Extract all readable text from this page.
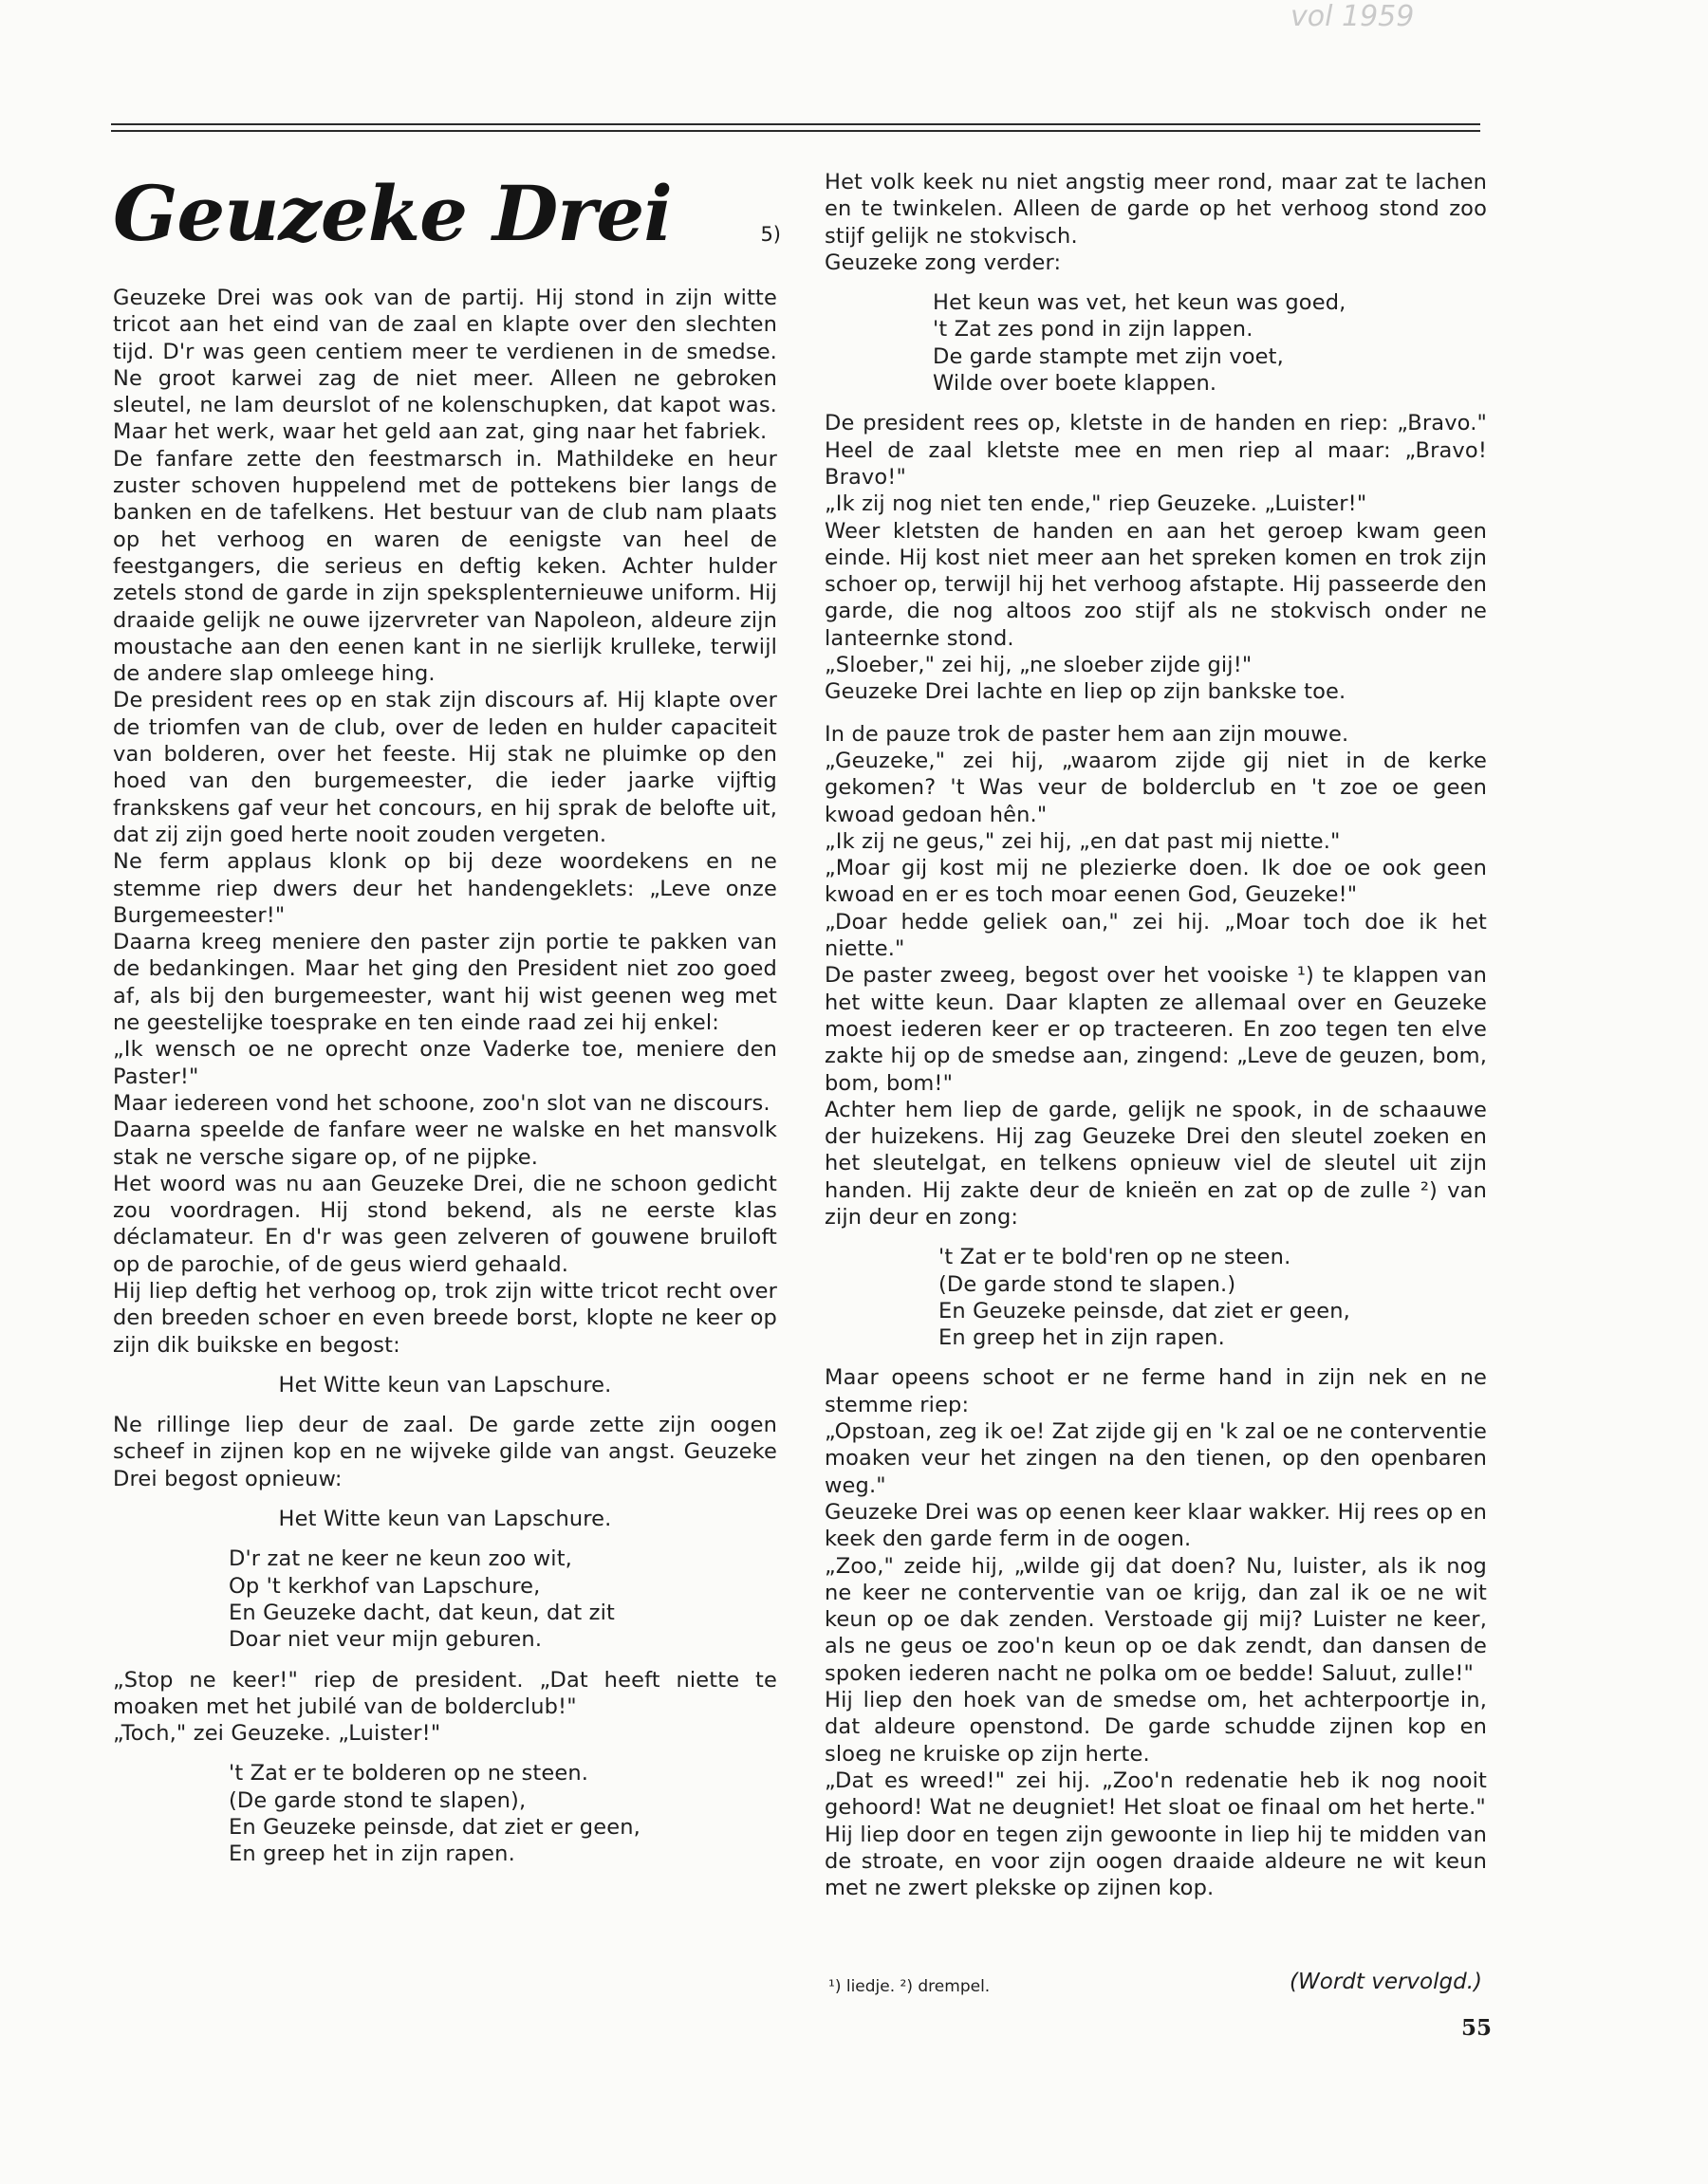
vol 1959
Geuzeke Drei	5)

Geuzeke Drei was ook van de partij. Hij stond in zijn witte tricot aan het eind van de zaal en klapte over den slechten tijd. D'r was geen centiem meer te verdienen in de smedse. Ne groot karwei zag de niet meer. Alleen ne gebroken sleutel, ne lam deurslot of ne kolenschupken, dat kapot was. Maar het werk, waar het geld aan zat, ging naar het fabriek.

De fanfare zette den feestmarsch in. Mathildeke en heur zuster schoven huppelend met de pottekens bier langs de banken en de tafelkens. Het bestuur van de club nam plaats op het verhoog en waren de eenigste van heel de feestgangers, die serieus en deftig keken. Achter hulder zetels stond de garde in zijn speksplenternieuwe uniform. Hij draaide gelijk ne ouwe ijzervreter van Napoleon, aldeure zijn moustache aan den eenen kant in ne sierlijk krulleke, terwijl de andere slap omleege hing.

De president rees op en stak zijn discours af. Hij klapte over de triomfen van de club, over de leden en hulder capaciteit van bolderen, over het feeste. Hij stak ne pluimke op den hoed van den burgemeester, die ieder jaarke vijftig frankskens gaf veur het concours, en hij sprak de belofte uit, dat zij zijn goed herte nooit zouden vergeten.

Ne ferm applaus klonk op bij deze woordekens en ne stemme riep dwers deur het handengeklets: „Leve onze Burgemeester!"

Daarna kreeg meniere den paster zijn portie te pakken van de bedankingen. Maar het ging den President niet zoo goed af, als bij den burgemeester, want hij wist geenen weg met ne geestelijke toesprake en ten einde raad zei hij enkel:

„Ik wensch oe ne oprecht onze Vaderke toe, meniere den Paster!"

Maar iedereen vond het schoone, zoo'n slot van ne discours.

Daarna speelde de fanfare weer ne walske en het mansvolk stak ne versche sigare op, of ne pijpke.

Het woord was nu aan Geuzeke Drei, die ne schoon gedicht zou voordragen. Hij stond bekend, als ne eerste klas déclamateur. En d'r was geen zelveren of gouwene bruiloft op de parochie, of de geus wierd gehaald.

Hij liep deftig het verhoog op, trok zijn witte tricot recht over den breeden schoer en even breede borst, klopte ne keer op zijn dik buikske en begost:

Het Witte keun van Lapschure.

Ne rillinge liep deur de zaal. De garde zette zijn oogen scheef in zijnen kop en ne wijveke gilde van angst. Geuzeke Drei begost opnieuw:

Het Witte keun van Lapschure.

D'r zat ne keer ne keun zoo wit,
Op 't kerkhof van Lapschure,
En Geuzeke dacht, dat keun, dat zit
Doar niet veur mijn geburen.

„Stop ne keer!" riep de president. „Dat heeft niette te moaken met het jubilé van de bolderclub!"

„Toch," zei Geuzeke. „Luister!"

't Zat er te bolderen op ne steen.
(De garde stond te slapen),
En Geuzeke peinsde, dat ziet er geen,
En greep het in zijn rapen.

Het volk keek nu niet angstig meer rond, maar zat te lachen en te twinkelen. Alleen de garde op het verhoog stond zoo stijf gelijk ne stokvisch.

Geuzeke zong verder:

Het keun was vet, het keun was goed,
't Zat zes pond in zijn lappen.
De garde stampte met zijn voet,
Wilde over boete klappen.

De president rees op, kletste in de handen en riep: „Bravo." Heel de zaal kletste mee en men riep al maar: „Bravo! Bravo!"

„Ik zij nog niet ten ende," riep Geuzeke. „Luister!"

Weer kletsten de handen en aan het geroep kwam geen einde. Hij kost niet meer aan het spreken komen en trok zijn schoer op, terwijl hij het verhoog afstapte. Hij passeerde den garde, die nog altoos zoo stijf als ne stokvisch onder ne lanteernke stond.

„Sloeber," zei hij, „ne sloeber zijde gij!"

Geuzeke Drei lachte en liep op zijn bankske toe.

In de pauze trok de paster hem aan zijn mouwe.

„Geuzeke," zei hij, „waarom zijde gij niet in de kerke gekomen? 't Was veur de bolderclub en 't zoe oe geen kwoad gedoan hên."

„Ik zij ne geus," zei hij, „en dat past mij niette."

„Moar gij kost mij ne plezierke doen. Ik doe oe ook geen kwoad en er es toch moar eenen God, Geuzeke!"

„Doar hedde geliek oan," zei hij. „Moar toch doe ik het niette."

De paster zweeg, begost over het vooiske ¹) te klappen van het witte keun. Daar klapten ze allemaal over en Geuzeke moest iederen keer er op tracteeren. En zoo tegen ten elve zakte hij op de smedse aan, zingend: „Leve de geuzen, bom, bom, bom!"

Achter hem liep de garde, gelijk ne spook, in de schaauwe der huizekens. Hij zag Geuzeke Drei den sleutel zoeken en het sleutelgat, en telkens opnieuw viel de sleutel uit zijn handen. Hij zakte deur de knieën en zat op de zulle ²) van zijn deur en zong:

't Zat er te bold'ren op ne steen.
(De garde stond te slapen.)
En Geuzeke peinsde, dat ziet er geen,
En greep het in zijn rapen.

Maar opeens schoot er ne ferme hand in zijn nek en ne stemme riep:

„Opstoan, zeg ik oe! Zat zijde gij en 'k zal oe ne conterventie moaken veur het zingen na den tienen, op den openbaren weg."

Geuzeke Drei was op eenen keer klaar wakker. Hij rees op en keek den garde ferm in de oogen.

„Zoo," zeide hij, „wilde gij dat doen? Nu, luister, als ik nog ne keer ne conterventie van oe krijg, dan zal ik oe ne wit keun op oe dak zenden. Verstoade gij mij? Luister ne keer, als ne geus oe zoo'n keun op oe dak zendt, dan dansen de spoken iederen nacht ne polka om oe bedde! Saluut, zulle!"

Hij liep den hoek van de smedse om, het achterpoortje in, dat aldeure openstond. De garde schudde zijnen kop en sloeg ne kruiske op zijn herte.

„Dat es wreed!" zei hij. „Zoo'n redenatie heb ik nog nooit gehoord! Wat ne deugniet! Het sloat oe finaal om het herte."

Hij liep door en tegen zijn gewoonte in liep hij te midden van de stroate, en voor zijn oogen draaide aldeure ne wit keun met ne zwert plekske op zijnen kop.

¹) liedje. ²) drempel.	(Wordt vervolgd.)
55
